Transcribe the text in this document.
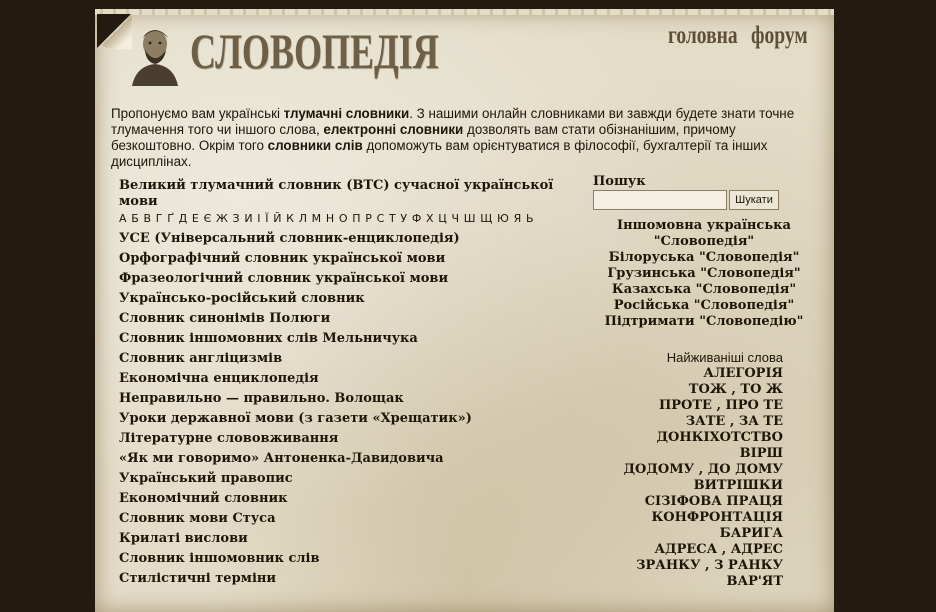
СЛОВОПЕДІЯ	головна форум
Пропонуємо вам українські тлумачні словники. З нашими онлайн словниками ви завжди будете знати точне тлумачення того чи іншого слова, електронні словники дозволять вам стати обізнанішим, причому безкоштовно. Окрім того словники слів допоможуть вам орієнтуватися в філософії, бухгалтерії та інших дисциплінах.
Великий тлумачний словник (ВТС) сучасної української мови
А Б В Г Ґ Д Е Є Ж З И І Ї Й К Л М Н О П Р С Т У Ф Х Ц Ч Ш Щ Ю Я Ь
УСЕ (Універсальний словник-енциклопедія)
Орфографічний словник української мови
Фразеологічний словник української мови
Українсько-російський словник
Словник синонімів Полюги
Словник іншомовних слів Мельничука
Словник англіцизмів
Економічна енциклопедія
Неправильно — правильно. Волощак
Уроки державної мови (з газети «Хрещатик»)
Літературне слововживання
«Як ми говоримо» Антоненка-Давидовича
Український правопис
Економічний словник
Словник мови Стуса
Крилаті вислови
Словник іншомовник слів
Стилістичні терміни
Пошук
Шукати
Іншомовна українська
"Словопедія"
Білоруська "Словопедія"
Грузинська "Словопедія"
Казахська "Словопедія"
Російська "Словопедія"
Підтримати "Словопедію"
Найживаніші слова
АЛЕГОРІЯ
ТОЖ , ТО Ж
ПРОТЕ , ПРО ТЕ
ЗАТЕ , ЗА ТЕ
ДОНКІХОТСТВО
ВІРШ
ДОДОМУ , ДО ДОМУ
ВИТРІШКИ
СІЗІФОВА ПРАЦЯ
КОНФРОНТАЦІЯ
БАРИГА
АДРЕСА , АДРЕС
ЗРАНКУ , З РАНКУ
ВАР'ЯТ
